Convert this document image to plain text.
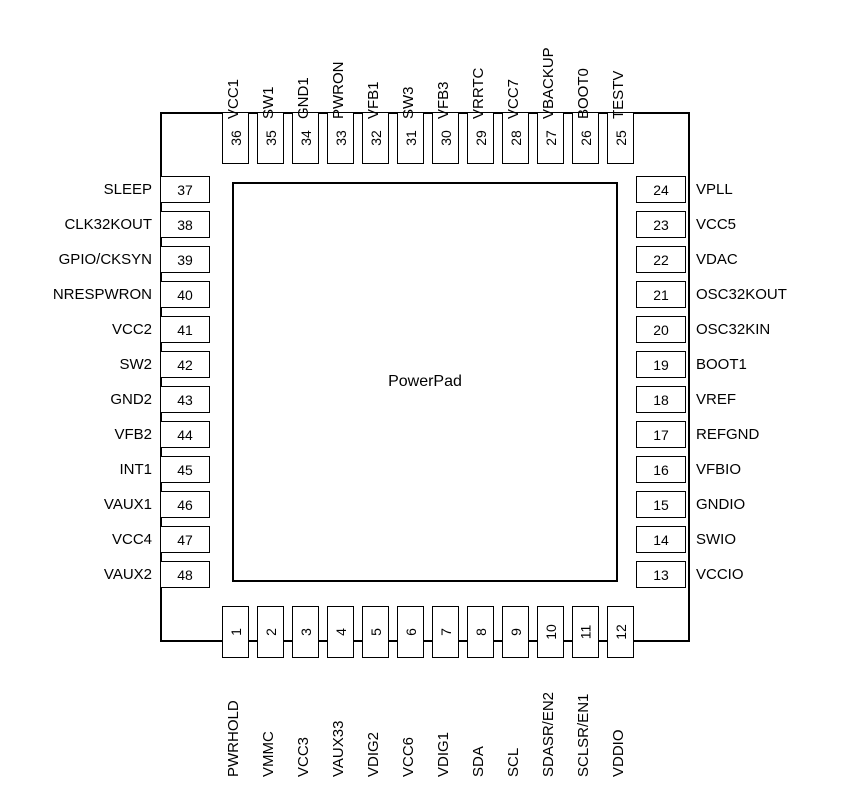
PowerPad
36
VCC1
35
SW1
34
GND1
33
PWRON
32
VFB1
31
SW3
30
VFB3
29
VRRTC
28
VCC7
27
VBACKUP
26
BOOT0
25
TESTV
1
PWRHOLD
2
VMMC
3
VCC3
4
VAUX33
5
VDIG2
6
VCC6
7
VDIG1
8
SDA
9
SCL
10
SDASR/EN2
11
SCLSR/EN1
12
VDDIO
37
SLEEP
38
CLK32KOUT
39
GPIO/CKSYN
40
NRESPWRON
41
VCC2
42
SW2
43
GND2
44
VFB2
45
INT1
46
VAUX1
47
VCC4
48
VAUX2
24 VPLL
23 VCC5
22 VDAC
21 OSC32KOUT
20 OSC32KIN
19 BOOT1
18 VREF
17 REFGND
16 VFBIO
15 GNDIO
14 SWIO
13 VCCIO
